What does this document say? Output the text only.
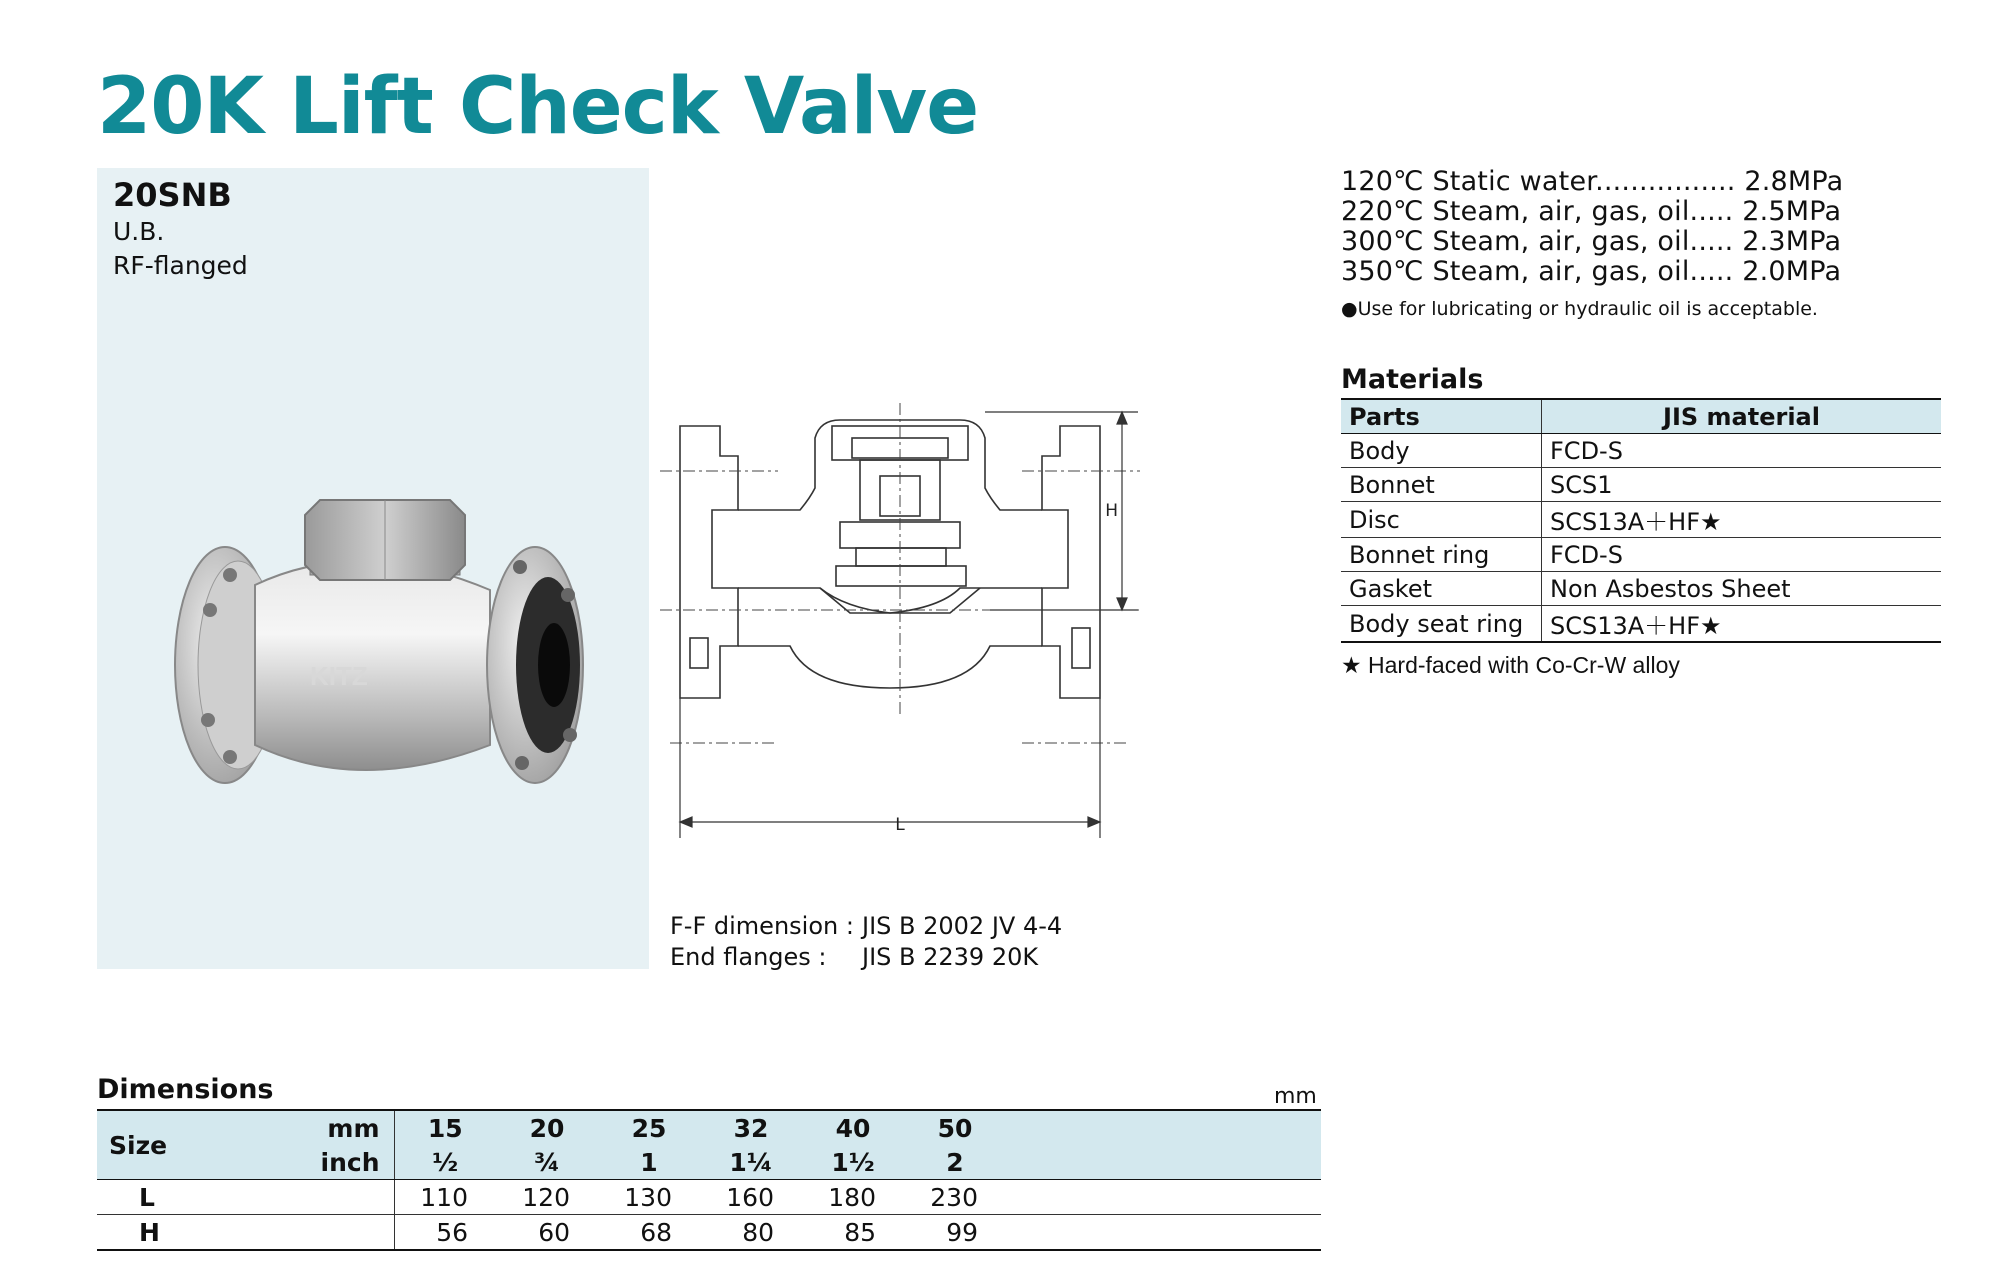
20K Lift Check Valve
20SNB
U.B.
RF-flanged
KITZ
H
L
F-F dimension : JIS B 2002 JV 4-4
End flanges : JIS B 2239 20K
120℃ Static water................ 2.8MPa
220℃ Steam, air, gas, oil..... 2.5MPa
300℃ Steam, air, gas, oil..... 2.3MPa
350℃ Steam, air, gas, oil..... 2.0MPa
●Use for lubricating or hydraulic oil is acceptable.
Materials
Parts	JIS material
Body	FCD-S
Bonnet	SCS1
Disc	SCS13A＋HF★
Bonnet ring	FCD-S
Gasket	Non Asbestos Sheet
Body seat ring	SCS13A＋HF★
★ Hard-faced with Co-Cr-W alloy
Dimensions	mm
Size	mm	15	20	25	32	40	50	
	inch	½	¾	1	1¼	1½	2	
L		110	120	130	160	180	230	
H		56	60	68	80	85	99	
